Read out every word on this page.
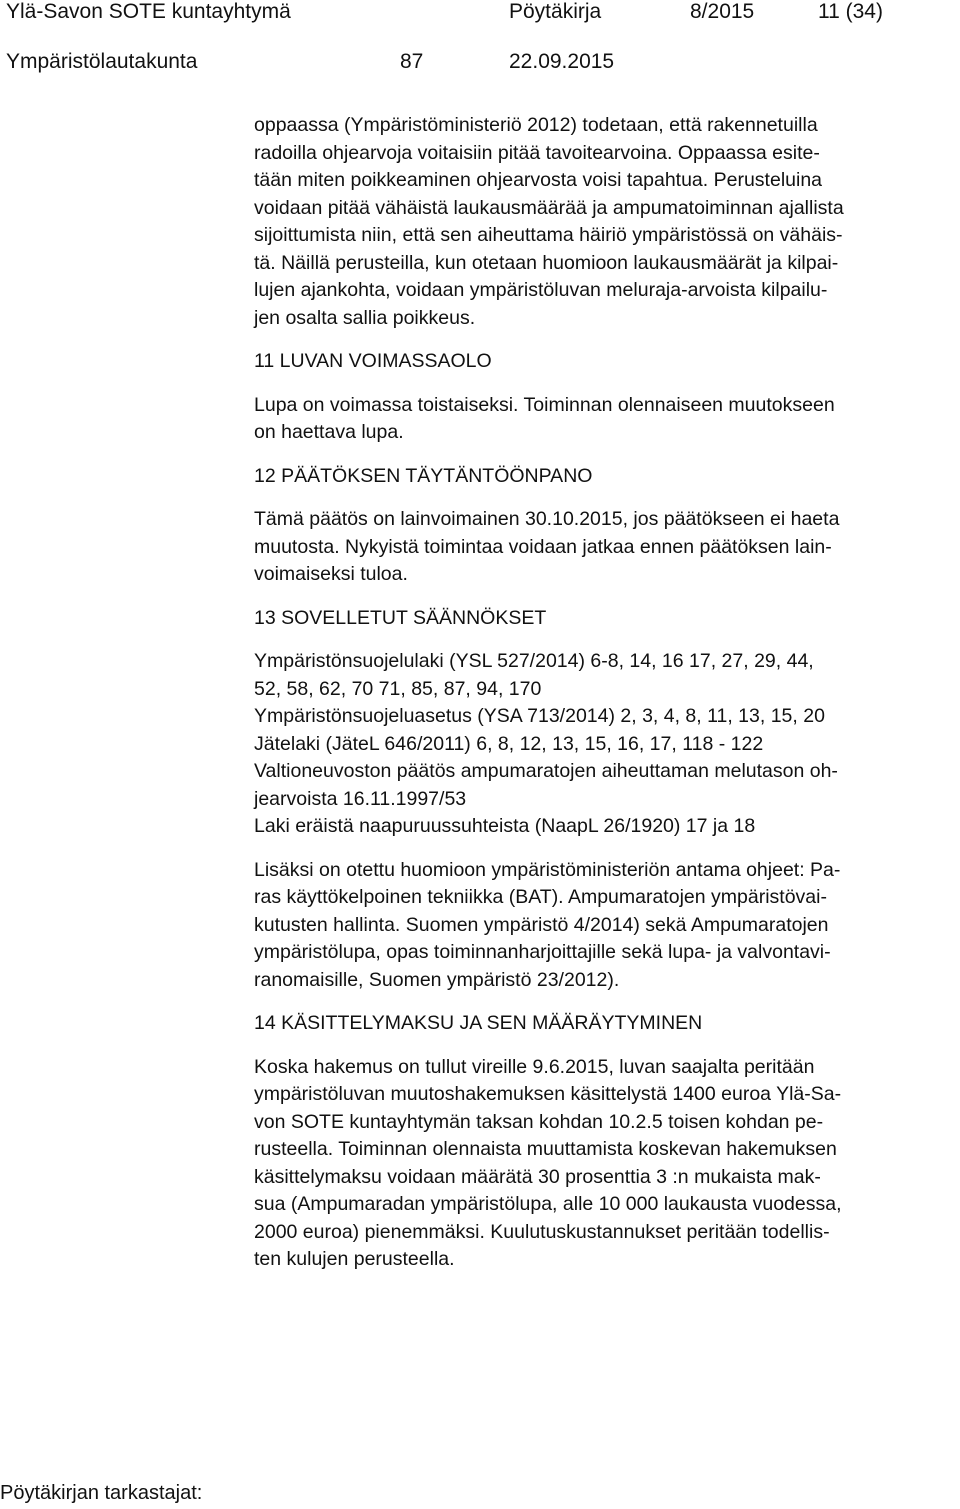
Ylä-Savon SOTE kuntayhtymä	Pöytäkirja	8/2015	11 (34)
Ympäristölautakunta	87	22.09.2015

oppaassa (Ympäristöministeriö 2012) todetaan, että rakennetuilla
radoilla ohjearvoja voitaisiin pitää tavoitearvoina. Oppaassa esite-
tään miten poikkeaminen ohjearvosta voisi tapahtua. Perusteluina
voidaan pitää vähäistä laukausmäärää ja ampumatoiminnan ajallista
sijoittumista niin, että sen aiheuttama häiriö ympäristössä on vähäis-
tä. Näillä perusteilla, kun otetaan huomioon laukausmäärät ja kilpai-
lujen ajankohta, voidaan ympäristöluvan meluraja-arvoista kilpailu-
jen osalta sallia poikkeus.

11 LUVAN VOIMASSAOLO

Lupa on voimassa toistaiseksi. Toiminnan olennaiseen muutokseen
on haettava lupa.

12 PÄÄTÖKSEN TÄYTÄNTÖÖNPANO

Tämä päätös on lainvoimainen 30.10.2015, jos päätökseen ei haeta
muutosta. Nykyistä toimintaa voidaan jatkaa ennen päätöksen lain-
voimaiseksi tuloa.

13 SOVELLETUT SÄÄNNÖKSET

Ympäristönsuojelulaki (YSL 527/2014) 6-8, 14, 16 17, 27, 29, 44,
52, 58, 62, 70 71, 85, 87, 94, 170
Ympäristönsuojeluasetus (YSA 713/2014) 2, 3, 4, 8, 11, 13, 15, 20
Jätelaki (JäteL 646/2011) 6, 8, 12, 13, 15, 16, 17, 118 - 122
Valtioneuvoston päätös ampumaratojen aiheuttaman melutason oh-
jearvoista 16.11.1997/53
Laki eräistä naapuruussuhteista (NaapL 26/1920) 17 ja 18

Lisäksi on otettu huomioon ympäristöministeriön antama ohjeet: Pa-
ras käyttökelpoinen tekniikka (BAT). Ampumaratojen ympäristövai-
kutusten hallinta. Suomen ympäristö 4/2014) sekä Ampumaratojen
ympäristölupa, opas toiminnanharjoittajille sekä lupa- ja valvontavi-
ranomaisille, Suomen ympäristö 23/2012).

14 KÄSITTELYMAKSU JA SEN MÄÄRÄYTYMINEN

Koska hakemus on tullut vireille 9.6.2015, luvan saajalta peritään
ympäristöluvan muutoshakemuksen käsittelystä 1400 euroa Ylä-Sa-
von SOTE kuntayhtymän taksan kohdan 10.2.5 toisen kohdan pe-
rusteella. Toiminnan olennaista muuttamista koskevan hakemuksen
käsittelymaksu voidaan määrätä 30 prosenttia 3 :n mukaista mak-
sua (Ampumaradan ympäristölupa, alle 10 000 laukausta vuodessa,
2000 euroa) pienemmäksi. Kuulutuskustannukset peritään todellis-
ten kulujen perusteella.

Pöytäkirjan tarkastajat:
